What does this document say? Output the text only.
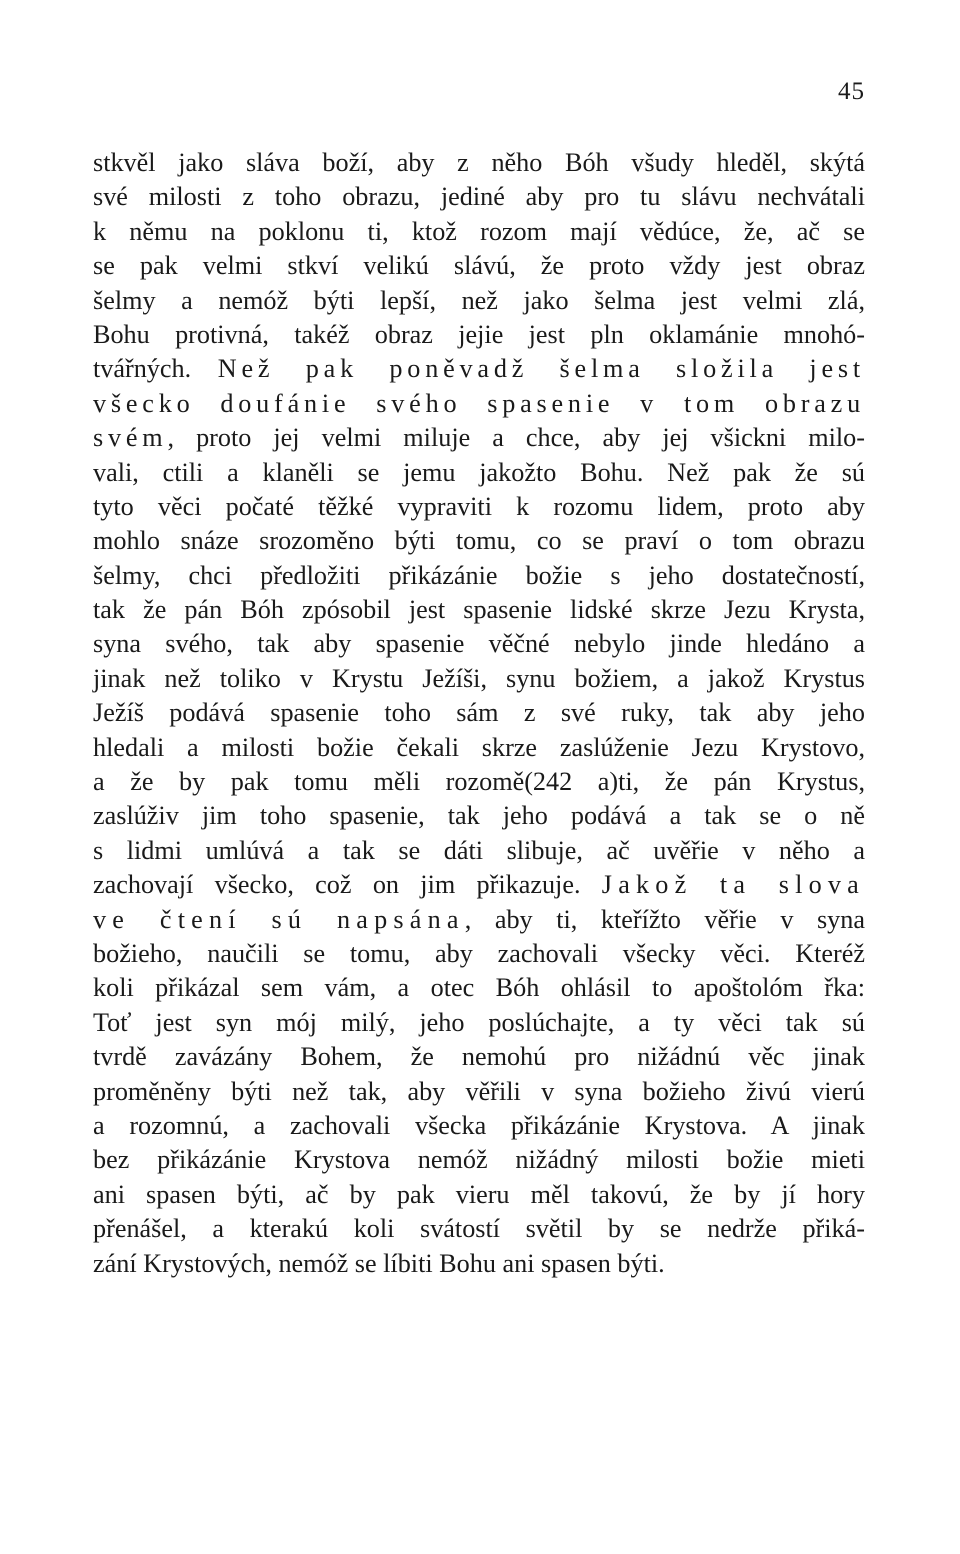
45
stkvěl jako sláva boží, aby z něho Bóh všudy hleděl, skýtá
své milosti z toho obrazu, jediné aby pro tu slávu nechvátali
k němu na poklonu ti, ktož rozom mají vědúce, že, ač se
se pak velmi stkví velikú slávú, že proto vždy jest obraz
šelmy a nemóž býti lepší, než jako šelma jest velmi zlá,
Bohu protivná, takéž obraz jejie jest pln oklamánie mnohó-
tvářných. Než pak poněvadž šelma složila jest
všecko doufánie svého spasenie v tom obrazu
svém, proto jej velmi miluje a chce, aby jej všickni milo-
vali, ctili a klaněli se jemu jakožto Bohu. Než pak že sú
tyto věci počaté těžké vypraviti k rozomu lidem, proto aby
mohlo snáze srozoměno býti tomu, co se praví o tom obrazu
šelmy, chci předložiti přikázánie božie s jeho dostatečností,
tak že pán Bóh zpósobil jest spasenie lidské skrze Jezu Krysta,
syna svého, tak aby spasenie věčné nebylo jinde hledáno a
jinak než toliko v Krystu Ježíši, synu božiem, a jakož Krystus
Ježíš podává spasenie toho sám z své ruky, tak aby jeho
hledali a milosti božie čekali skrze zaslúženie Jezu Krystovo,
a že by pak tomu měli rozomě(242 a)ti, že pán Krystus,
zaslúživ jim toho spasenie, tak jeho podává a tak se o ně
s lidmi umlúvá a tak se dáti slibuje, ač uvěřie v něho a
zachovají všecko, což on jim přikazuje. Jakož ta slova
ve čtení sú napsána, aby ti, kteřížto věřie v syna
božieho, naučili se tomu, aby zachovali všecky věci. Kteréž
koli přikázal sem vám, a otec Bóh ohlásil to apoštolóm řka:
Toť jest syn mój milý, jeho poslúchajte, a ty věci tak sú
tvrdě zavázány Bohem, že nemohú pro nižádnú věc jinak
proměněny býti než tak, aby věřili v syna božieho živú vierú
a rozomnú, a zachovali všecka přikázánie Krystova. A jinak
bez přikázánie Krystova nemóž nižádný milosti božie mieti
ani spasen býti, ač by pak vieru měl takovú, že by jí hory
přenášel, a kterakú koli svátostí světil by se nedrže přiká-
zání Krystových, nemóž se líbiti Bohu ani spasen býti.
